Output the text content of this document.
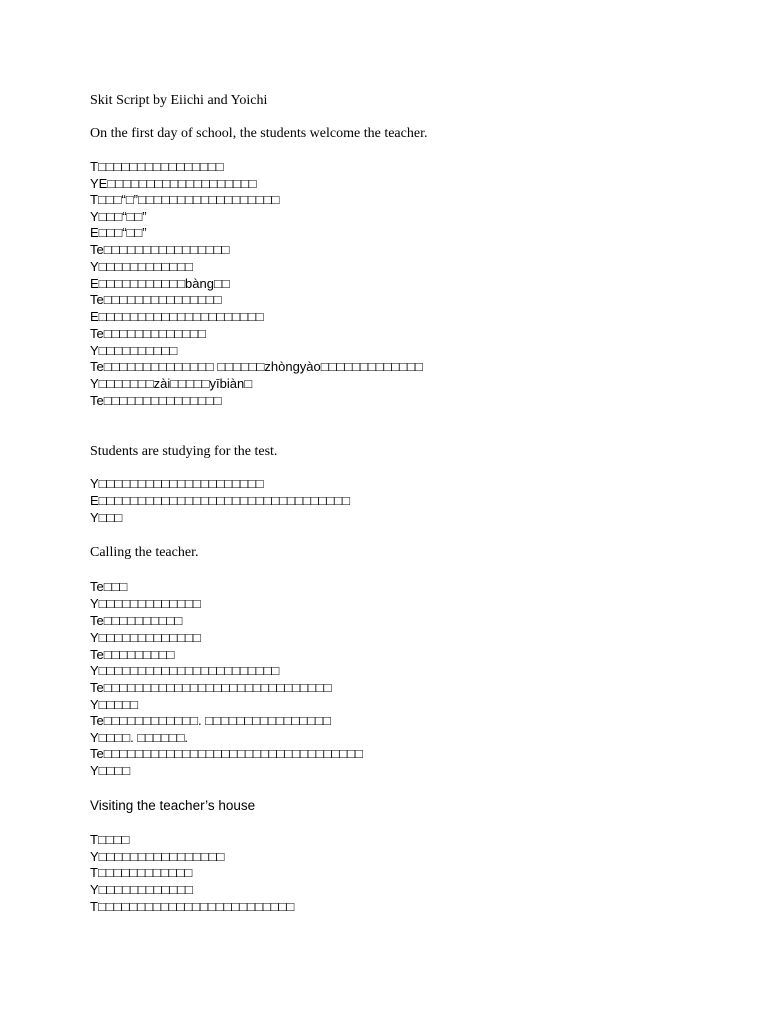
Skit Script by Eiichi and Yoichi
On the first day of school, the students welcome the teacher.
T□□□□□□□□□□□□□□□□
YE□□□□□□□□□□□□□□□□□□□
T□□□“□”□□□□□□□□□□□□□□□□□□
Y□□□“□□”
E□□□“□□”
Te□□□□□□□□□□□□□□□□
Y□□□□□□□□□□□□
E□□□□□□□□□□□bàng□□
Te□□□□□□□□□□□□□□□
E□□□□□□□□□□□□□□□□□□□□□
Te□□□□□□□□□□□□□
Y□□□□□□□□□□
Te□□□□□□□□□□□□□□ □□□□□□zhòngyào□□□□□□□□□□□□□
Y□□□□□□□zài□□□□□yībiàn□
Te□□□□□□□□□□□□□□□
Students are studying for the test.
Y□□□□□□□□□□□□□□□□□□□□□
E□□□□□□□□□□□□□□□□□□□□□□□□□□□□□□□□
Y□□□
Calling the teacher.
Te□□□
Y□□□□□□□□□□□□□
Te□□□□□□□□□□
Y□□□□□□□□□□□□□
Te□□□□□□□□□
Y□□□□□□□□□□□□□□□□□□□□□□□
Te□□□□□□□□□□□□□□□□□□□□□□□□□□□□□
Y□□□□□
Te□□□□□□□□□□□□. □□□□□□□□□□□□□□□□
Y□□□□. □□□□□□.
Te□□□□□□□□□□□□□□□□□□□□□□□□□□□□□□□□□
Y□□□□
Visiting the teacher’s house
T□□□□
Y□□□□□□□□□□□□□□□□
T□□□□□□□□□□□□
Y□□□□□□□□□□□□
T□□□□□□□□□□□□□□□□□□□□□□□□□
